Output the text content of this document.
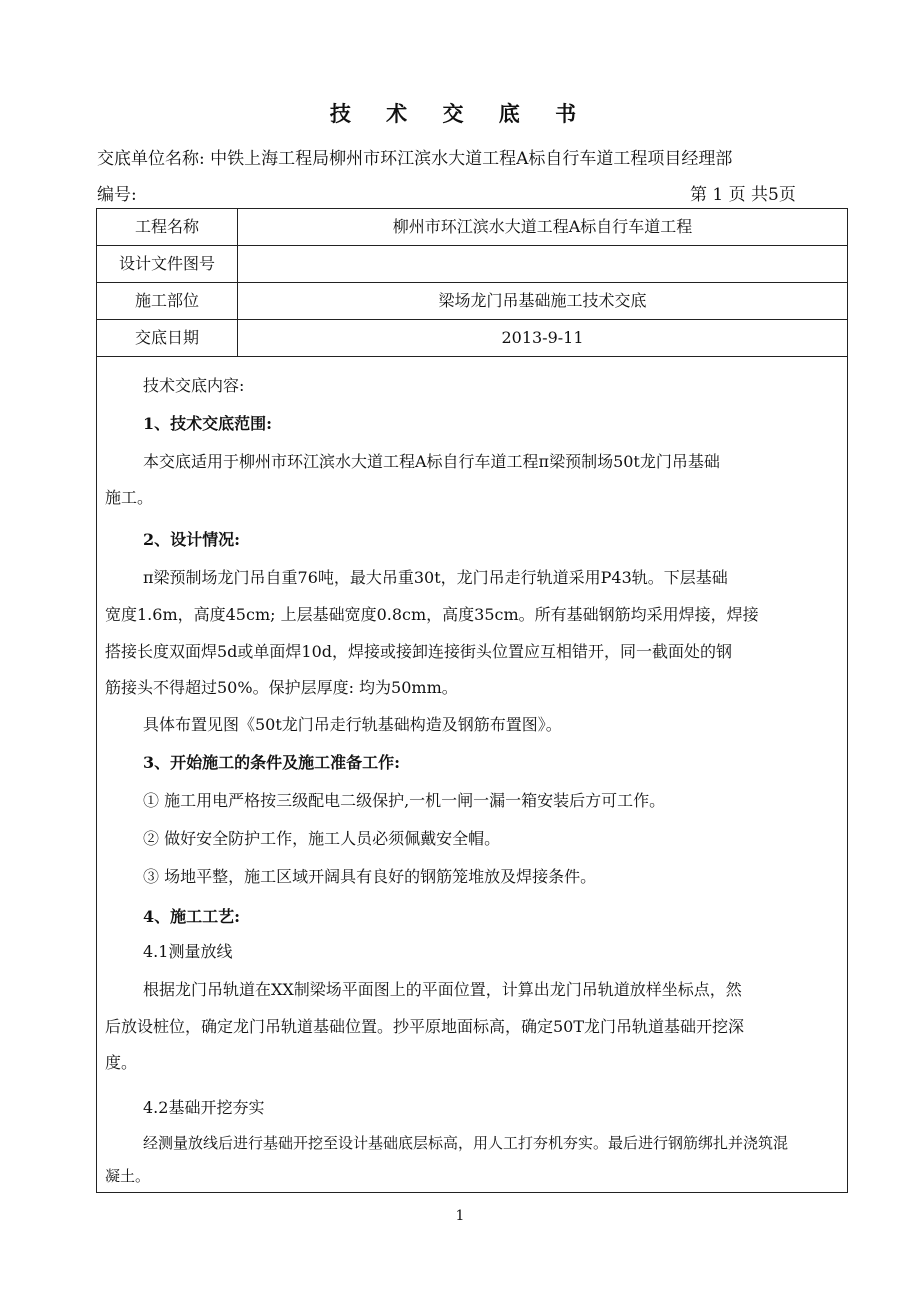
技 术 交 底 书
交底单位名称: 中铁上海工程局柳州市环江滨水大道工程A标自行车道工程项目经理部
编号:	第 1 页 共5页
工程名称	柳州市环江滨水大道工程A标自行车道工程
设计文件图号
施工部位	梁场龙门吊基础施工技术交底
交底日期	2013-9-11
技术交底内容:
1、技术交底范围:
本交底适用于柳州市环江滨水大道工程A标自行车道工程π梁预制场50t龙门吊基础
施工。
2、设计情况:
π梁预制场龙门吊自重76吨，最大吊重30t，龙门吊走行轨道采用P43轨。下层基础
宽度1.6m，高度45cm; 上层基础宽度0.8cm，高度35cm。所有基础钢筋均采用焊接，焊接
搭接长度双面焊5d或单面焊10d，焊接或接卸连接街头位置应互相错开，同一截面处的钢
筋接头不得超过50%。保护层厚度: 均为50mm。
具体布置见图《50t龙门吊走行轨基础构造及钢筋布置图》。
3、开始施工的条件及施工准备工作:
① 施工用电严格按三级配电二级保护,一机一闸一漏一箱安装后方可工作。
② 做好安全防护工作，施工人员必须佩戴安全帽。
③ 场地平整，施工区域开阔具有良好的钢筋笼堆放及焊接条件。
4、施工工艺:
4.1测量放线
根据龙门吊轨道在XX制梁场平面图上的平面位置，计算出龙门吊轨道放样坐标点，然
后放设桩位，确定龙门吊轨道基础位置。抄平原地面标高，确定50T龙门吊轨道基础开挖深
度。
4.2基础开挖夯实
经测量放线后进行基础开挖至设计基础底层标高，用人工打夯机夯实。最后进行钢筋绑扎并浇筑混
凝土。
1
